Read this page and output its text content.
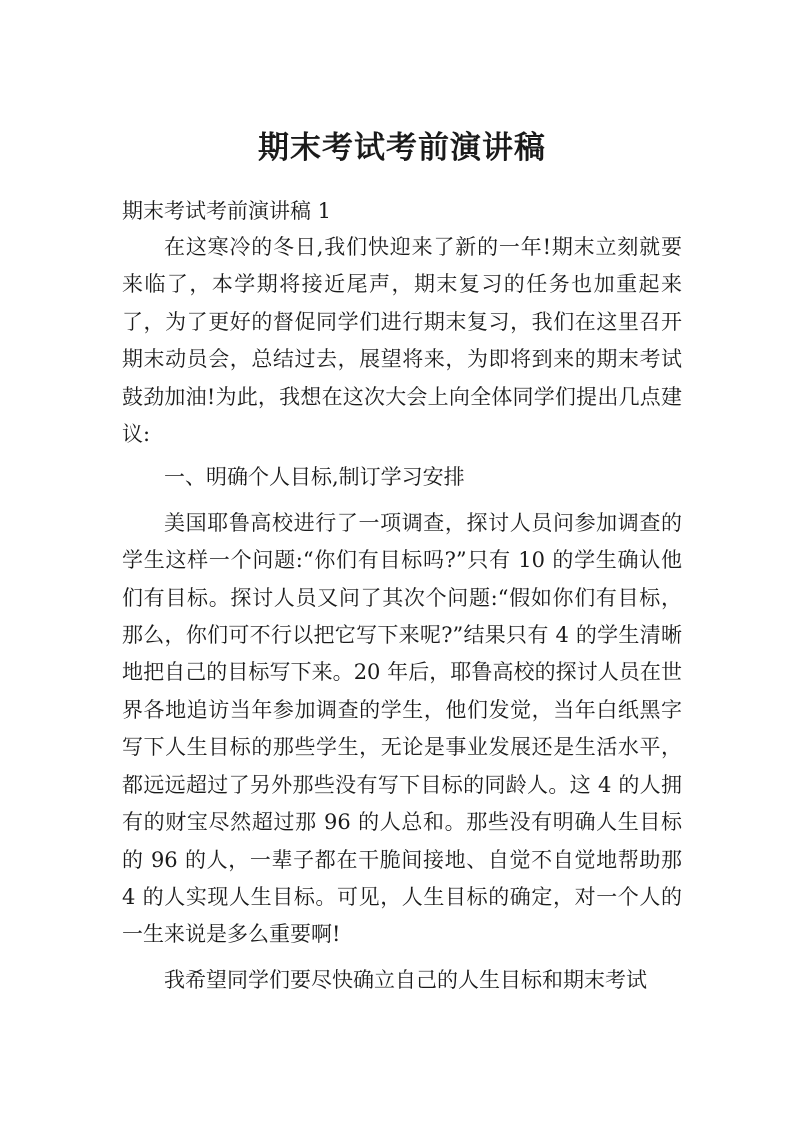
期末考试考前演讲稿
期末考试考前演讲稿 1

在这寒冷的冬日,我们快迎来了新的一年!期末立刻就要来临了，本学期将接近尾声，期末复习的任务也加重起来了，为了更好的督促同学们进行期末复习，我们在这里召开期末动员会，总结过去，展望将来，为即将到来的期末考试鼓劲加油!为此，我想在这次大会上向全体同学们提出几点建议:

一、明确个人目标,制订学习安排

美国耶鲁高校进行了一项调查，探讨人员问参加调查的学生这样一个问题:“你们有目标吗?”只有 10 的学生确认他们有目标。探讨人员又问了其次个问题:“假如你们有目标，那么，你们可不行以把它写下来呢?”结果只有 4 的学生清晰地把自己的目标写下来。20 年后，耶鲁高校的探讨人员在世界各地追访当年参加调查的学生，他们发觉，当年白纸黑字写下人生目标的那些学生，无论是事业发展还是生活水平，都远远超过了另外那些没有写下目标的同龄人。这 4 的人拥有的财宝尽然超过那 96 的人总和。那些没有明确人生目标的 96 的人，一辈子都在干脆间接地、自觉不自觉地帮助那 4 的人实现人生目标。可见，人生目标的确定，对一个人的一生来说是多么重要啊!

我希望同学们要尽快确立自己的人生目标和期末考试
